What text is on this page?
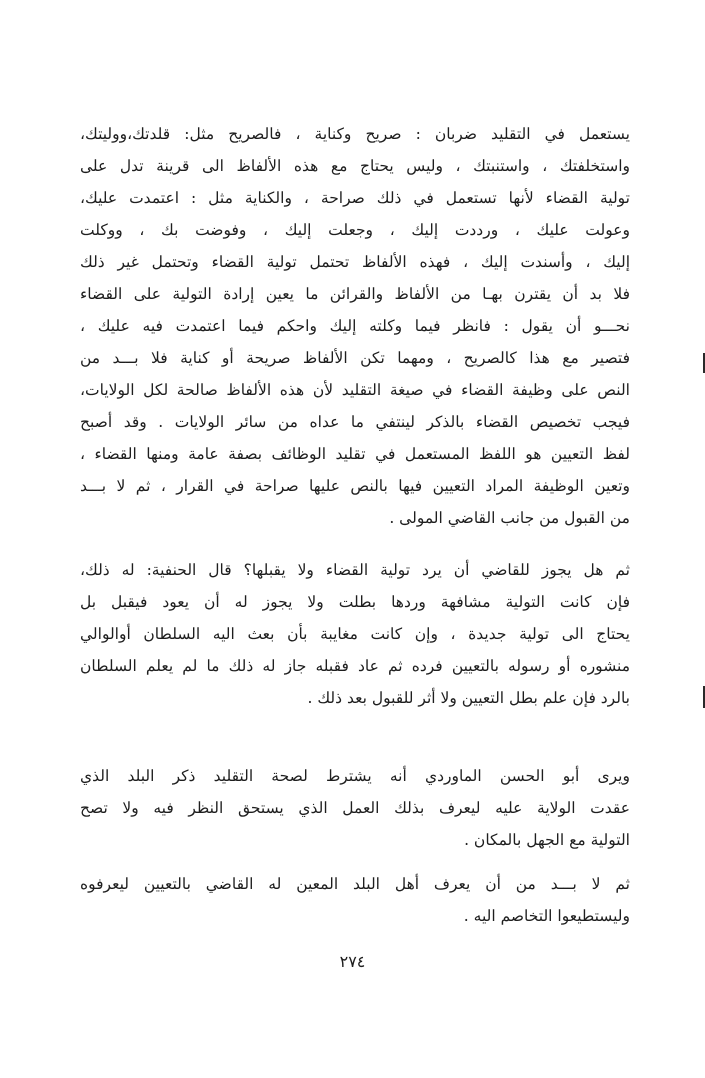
يستعمل في التقليد ضربان : صريح وكناية ، فالصريح مثل: قلدتك،ووليتك،
واستخلفتك ، واستنبتك ، وليس يحتاج مع هذه الألفاظ الى قرينة تدل على
تولية القضاء لأنها تستعمل في ذلك صراحة ، والكناية مثل : اعتمدت عليك،
وعولت عليك ، ورددت إليك ، وجعلت إليك ، وفوضت بك ، ووكلت
إليك ، وأسندت إليك ، فهذه الألفاظ تحتمل تولية القضاء وتحتمل غير ذلك
فلا بد أن يقترن بهـا من الألفاظ والقرائن ما يعين إرادة التولية على القضاء
نحـــو أن يقول : فانظر فيما وكلته إليك واحكم فيما اعتمدت فيه عليك ،
فتصير مع هذا كالصريح ، ومهما تكن الألفاظ صريحة أو كناية فلا بـــد من
النص على وظيفة القضاء في صيغة التقليد لأن هذه الألفاظ صالحة لكل الولايات،
فيجب تخصيص القضاء بالذكر لينتفي ما عداه من سائر الولايات . وقد أصبح
لفظ التعيين هو اللفظ المستعمل في تقليد الوظائف بصفة عامة ومنها القضاء ،
وتعين الوظيفة المراد التعيين فيها بالنص عليها صراحة في القرار ، ثم لا بـــد
من القبول من جانب القاضي المولى .
ثم هل يجوز للقاضي أن يرد تولية القضاء ولا يقبلها؟ قال الحنفية: له ذلك،
فإن كانت التولية مشافهة وردها بطلت ولا يجوز له أن يعود فيقبل بل
يحتاج الى تولية جديدة ، وإن كانت مغايبة بأن بعث اليه السلطان أوالوالي
منشوره أو رسوله بالتعيين فرده ثم عاد فقبله جاز له ذلك ما لم يعلم السلطان
بالرد فإن علم بطل التعيين ولا أثر للقبول بعد ذلك .
ويرى أبو الحسن الماوردي أنه يشترط لصحة التقليد ذكر البلد الذي
عقدت الولاية عليه ليعرف بذلك العمل الذي يستحق النظر فيه ولا تصح
التولية مع الجهل بالمكان .
ثم لا بـــد من أن يعرف أهل البلد المعين له القاضي بالتعيين ليعرفوه
وليستطيعوا التخاصم اليه .
٢٧٤
